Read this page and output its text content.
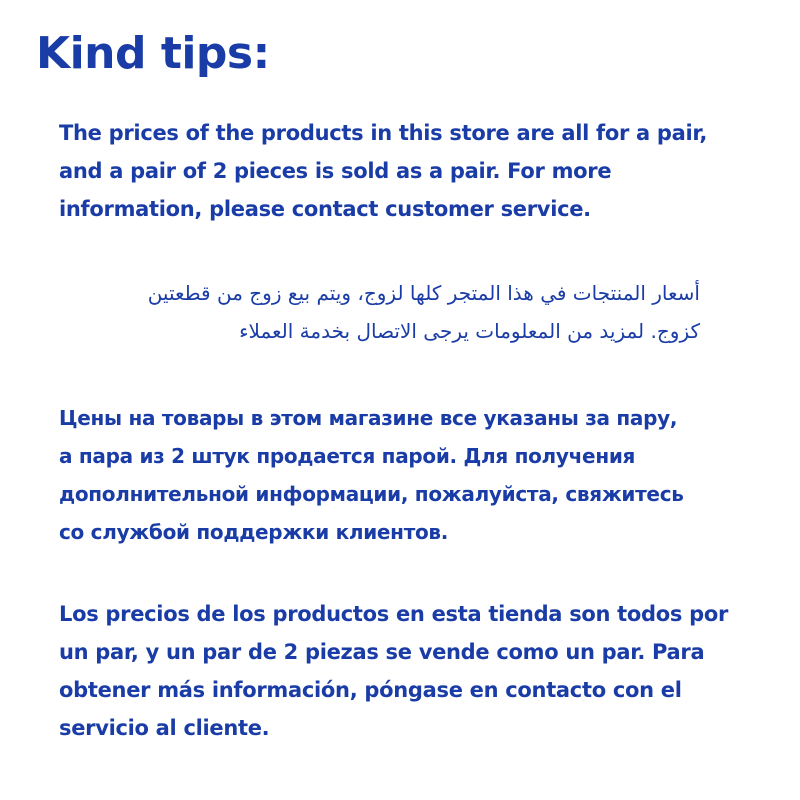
Kind tips:

The prices of the products in this store are all for a pair,
and a pair of 2 pieces is sold as a pair. For more
information, please contact customer service.

أسعار المنتجات في هذا المتجر كلها لزوج، ويتم بيع زوج من قطعتين
كزوج. لمزيد من المعلومات يرجى الاتصال بخدمة العملاء

Цены на товары в этом магазине все указаны за пару,
а пара из 2 штук продается парой. Для получения
дополнительной информации, пожалуйста, свяжитесь
со службой поддержки клиентов.

Los precios de los productos en esta tienda son todos por
un par, y un par de 2 piezas se vende como un par. Para
obtener más información, póngase en contacto con el
servicio al cliente.
